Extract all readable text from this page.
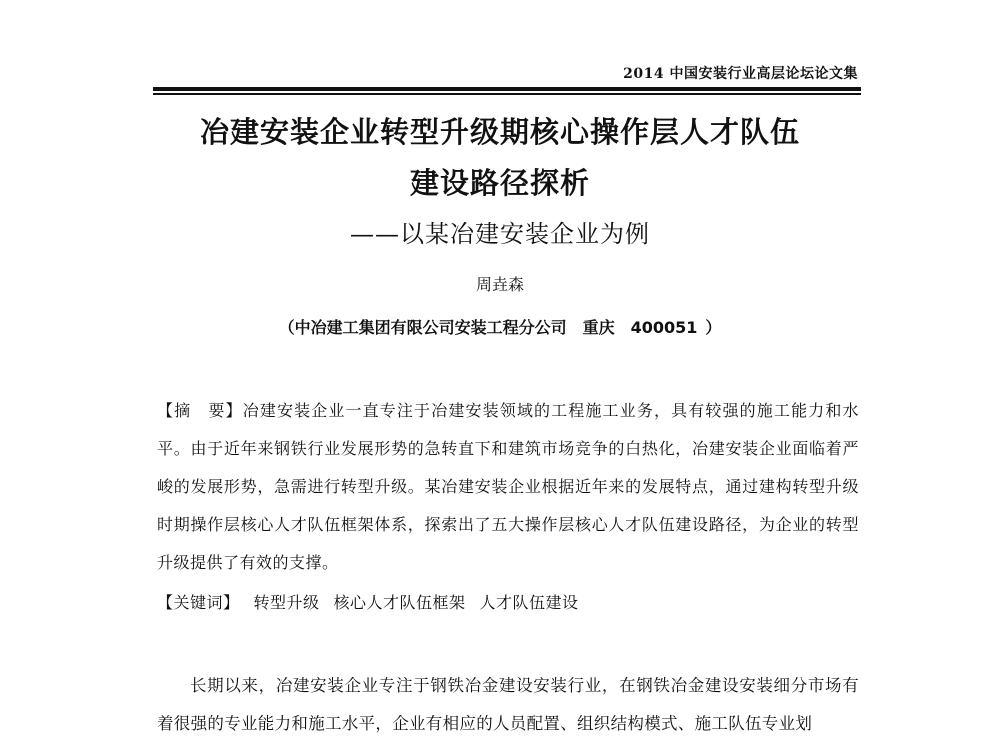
2014 中国安装行业高层论坛论文集
冶建安装企业转型升级期核心操作层人才队伍
建设路径探析
——以某冶建安装企业为例
周垚森
（中冶建工集团有限公司安装工程分公司 重庆 400051 ）
【摘　要】冶建安装企业一直专注于冶建安装领域的工程施工业务，具有较强的施工能力和水平。由于近年来钢铁行业发展形势的急转直下和建筑市场竞争的白热化，冶建安装企业面临着严峻的发展形势，急需进行转型升级。某冶建安装企业根据近年来的发展特点，通过建构转型升级时期操作层核心人才队伍框架体系，探索出了五大操作层核心人才队伍建设路径，为企业的转型升级提供了有效的支撑。
【关键词】 转型升级 核心人才队伍框架 人才队伍建设
长期以来，冶建安装企业专注于钢铁冶金建设安装行业，在钢铁冶金建设安装细分市场有着很强的专业能力和施工水平，企业有相应的人员配置、组织结构模式、施工队伍专业划
